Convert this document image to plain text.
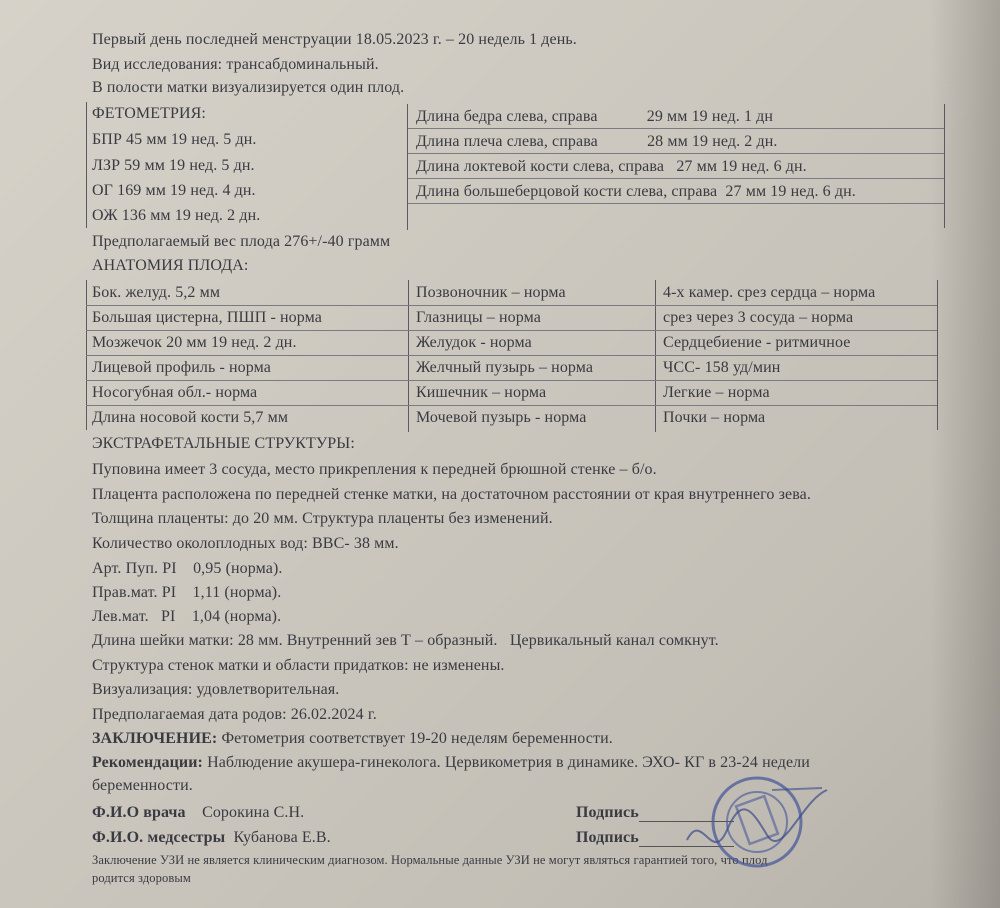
Первый день последней менструации 18.05.2023 г. – 20 недель 1 день.
Вид исследования: трансабдоминальный.
В полости матки визуализируется один плод.
ФЕТОМЕТРИЯ:
БПР 45 мм 19 нед. 5 дн.
ЛЗР 59 мм 19 нед. 5 дн.
ОГ 169 мм 19 нед. 4 дн.
ОЖ 136 мм 19 нед. 2 дн.
Длина бедра слева, справа            29 мм 19 нед. 1 дн
Длина плеча слева, справа            28 мм 19 нед. 2 дн.
Длина локтевой кости слева, справа   27 мм 19 нед. 6 дн.
Длина большеберцовой кости слева, справа  27 мм 19 нед. 6 дн.
Предполагаемый вес плода 276+/-40 грамм
АНАТОМИЯ ПЛОДА:
Бок. желуд. 5,2 мм
Большая цистерна, ПШП - норма
Мозжечок 20 мм 19 нед. 2 дн.
Лицевой профиль - норма
Носогубная обл.- норма
Длина носовой кости 5,7 мм
Позвоночник – норма
Глазницы – норма
Желудок - норма
Желчный пузырь – норма
Кишечник – норма
Мочевой пузырь - норма
4-х камер. срез сердца – норма
срез через 3 сосуда – норма
Сердцебиение - ритмичное
ЧСС- 158 уд/мин
Легкие – норма
Почки – норма
ЭКСТРАФЕТАЛЬНЫЕ СТРУКТУРЫ:
Пуповина имеет 3 сосуда, место прикрепления к передней брюшной стенке – б/о.
Плацента расположена по передней стенке матки, на достаточном расстоянии от края внутреннего зева.
Толщина плаценты: до 20 мм. Структура плаценты без изменений.
Количество околоплодных вод: ВВС- 38 мм.
Арт. Пуп. PI    0,95 (норма).
Прав.мат. PI    1,11 (норма).
Лев.мат.   PI    1,04 (норма).
Длина шейки матки: 28 мм. Внутренний зев Т – образный.   Цервикальный канал сомкнут.
Структура стенок матки и области придатков: не изменены.
Визуализация: удовлетворительная.
Предполагаемая дата родов: 26.02.2024 г.
ЗАКЛЮЧЕНИЕ: Фетометрия соответствует 19-20 неделям беременности.
Рекомендации: Наблюдение акушера-гинеколога. Цервикометрия в динамике. ЭХО- КГ в 23-24 недели
беременности.
Ф.И.О врача Сорокина С.Н.	Подпись
Ф.И.О. медсестры Кубанова Е.В.	Подпись
Заключение УЗИ не является клиническим диагнозом. Нормальные данные УЗИ не могут являться гарантией того, что плод
родится здоровым
